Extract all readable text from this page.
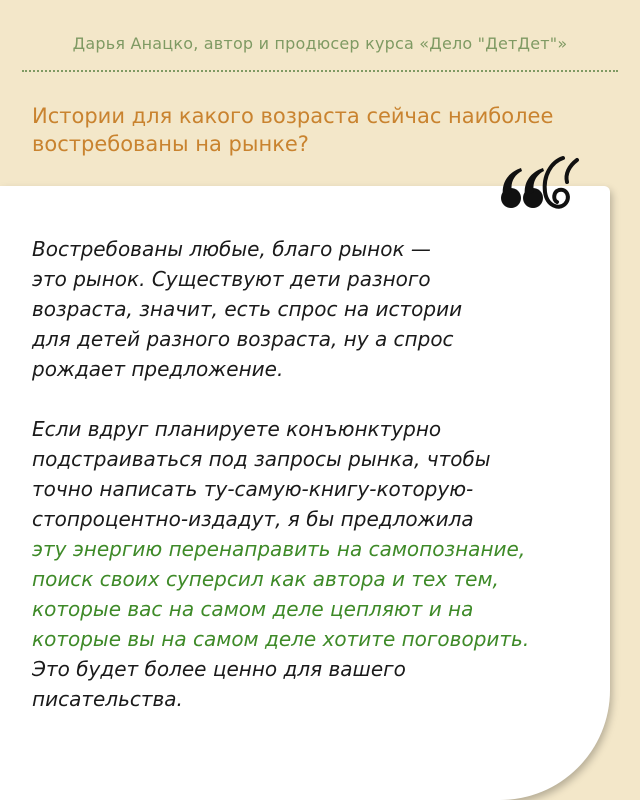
Дарья Анацко, автор и продюсер курса «Дело "ДетДет"»
Истории для какого возраста сейчас наиболее
востребованы на рынке?
Востребованы любые, благо рынок —
это рынок. Существуют дети разного
возраста, значит, есть спрос на истории
для детей разного возраста, ну а спрос
рождает предложение.
Если вдруг планируете конъюнктурно
подстраиваться под запросы рынка, чтобы
точно написать ту-самую-книгу-которую-
стопроцентно-издадут, я бы предложила
эту энергию перенаправить на самопознание,
поиск своих суперсил как автора и тех тем,
которые вас на самом деле цепляют и на
которые вы на самом деле хотите поговорить.
Это будет более ценно для вашего
писательства.
